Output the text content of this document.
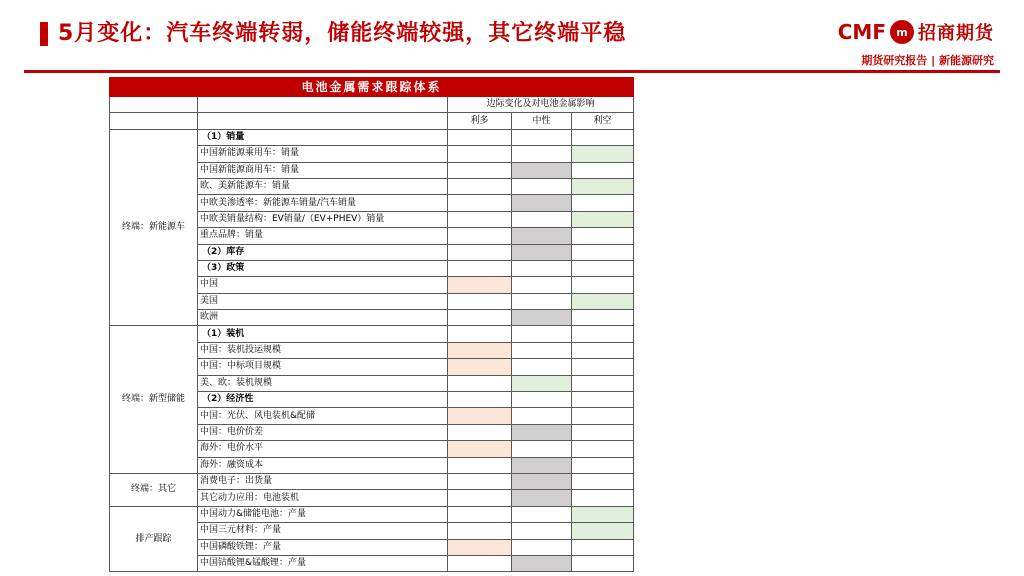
5月变化：汽车终端转弱，储能终端较强，其它终端平稳	CMF m 招商期货
期货研究报告 | 新能源研究
电池金属需求跟踪体系				
		边际变化及对电池金属影响		
		利多	中性	利空
终端：新能源车	（1）销量			
	中国新能源乘用车：销量			
	中国新能源商用车：销量			
	欧、美新能源车：销量			
	中欧美渗透率：新能源车销量/汽车销量			
	中欧美销量结构：EV销量/（EV+PHEV）销量			
	重点品牌：销量			
	（2）库存			
	（3）政策			
	中国			
	美国			
	欧洲			
终端：新型储能	（1）装机			
	中国：装机投运规模			
	中国：中标项目规模			
	美、欧：装机规模			
	（2）经济性			
	中国：光伏、风电装机&配储			
	中国：电价价差			
	海外：电价水平			
	海外：融资成本			
终端：其它	消费电子：出货量			
	其它动力应用：电池装机			
排产跟踪	中国动力&储能电池：产量			
	中国三元材料：产量			
	中国磷酸铁锂：产量			
	中国钴酸锂&锰酸锂：产量			
